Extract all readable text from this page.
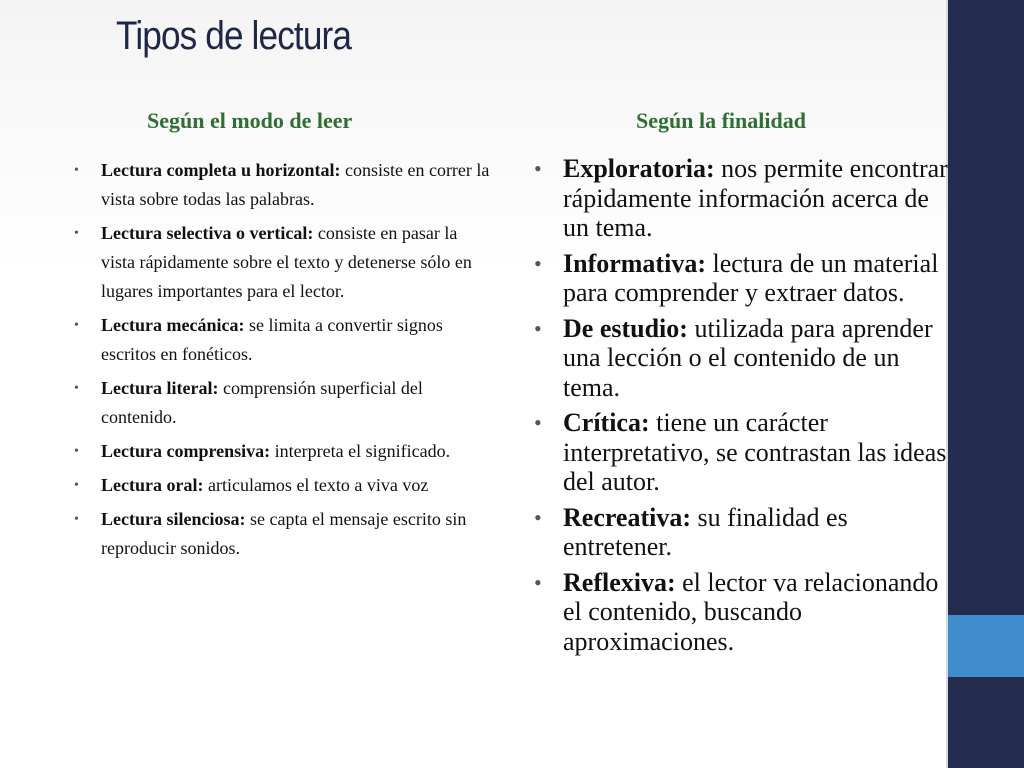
Tipos de lectura
Según el modo de leer	Según la finalidad
• Lectura completa u horizontal: consiste en correr la vista sobre todas las palabras.
• Lectura selectiva o vertical: consiste en pasar la vista rápidamente sobre el texto y detenerse sólo en lugares importantes para el lector.
• Lectura mecánica: se limita a convertir signos escritos en fonéticos.
• Lectura literal: comprensión superficial del contenido.
• Lectura comprensiva: interpreta el significado.
• Lectura oral: articulamos el texto a viva voz
• Lectura silenciosa: se capta el mensaje escrito sin reproducir sonidos.
• Exploratoria: nos permite encontrar rápidamente información acerca de un tema.
• Informativa: lectura de un material para comprender y extraer datos.
• De estudio: utilizada para aprender una lección o el contenido de un tema.
• Crítica: tiene un carácter interpretativo, se contrastan las ideas del autor.
• Recreativa: su finalidad es entretener.
• Reflexiva: el lector va relacionando el contenido, buscando aproximaciones.
